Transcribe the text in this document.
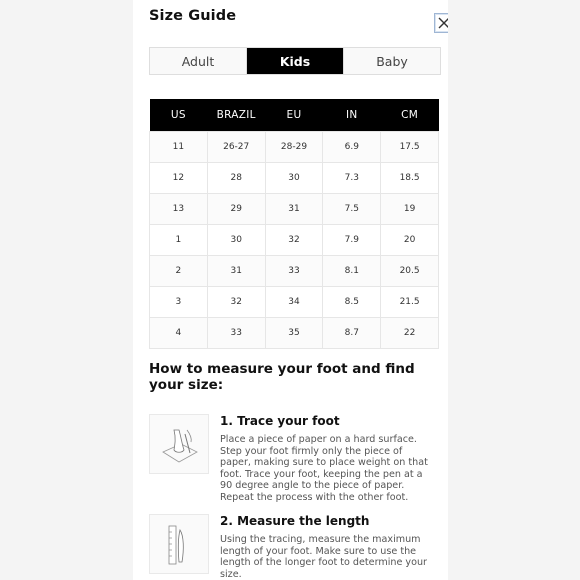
Size Guide
Adult	Kids	Baby
US	BRAZIL	EU	IN	CM
11	26-27	28-29	6.9	17.5
12	28	30	7.3	18.5
13	29	31	7.5	19
1	30	32	7.9	20
2	31	33	8.1	20.5
3	32	34	8.5	21.5
4	33	35	8.7	22
How to measure your foot and find your size:
1. Trace your foot
Place a piece of paper on a hard surface. Step your foot firmly only the piece of paper, making sure to place weight on that foot. Trace your foot, keeping the pen at a 90 degree angle to the piece of paper. Repeat the process with the other foot.
2. Measure the length
Using the tracing, measure the maximum length of your foot. Make sure to use the length of the longer foot to determine your size.
